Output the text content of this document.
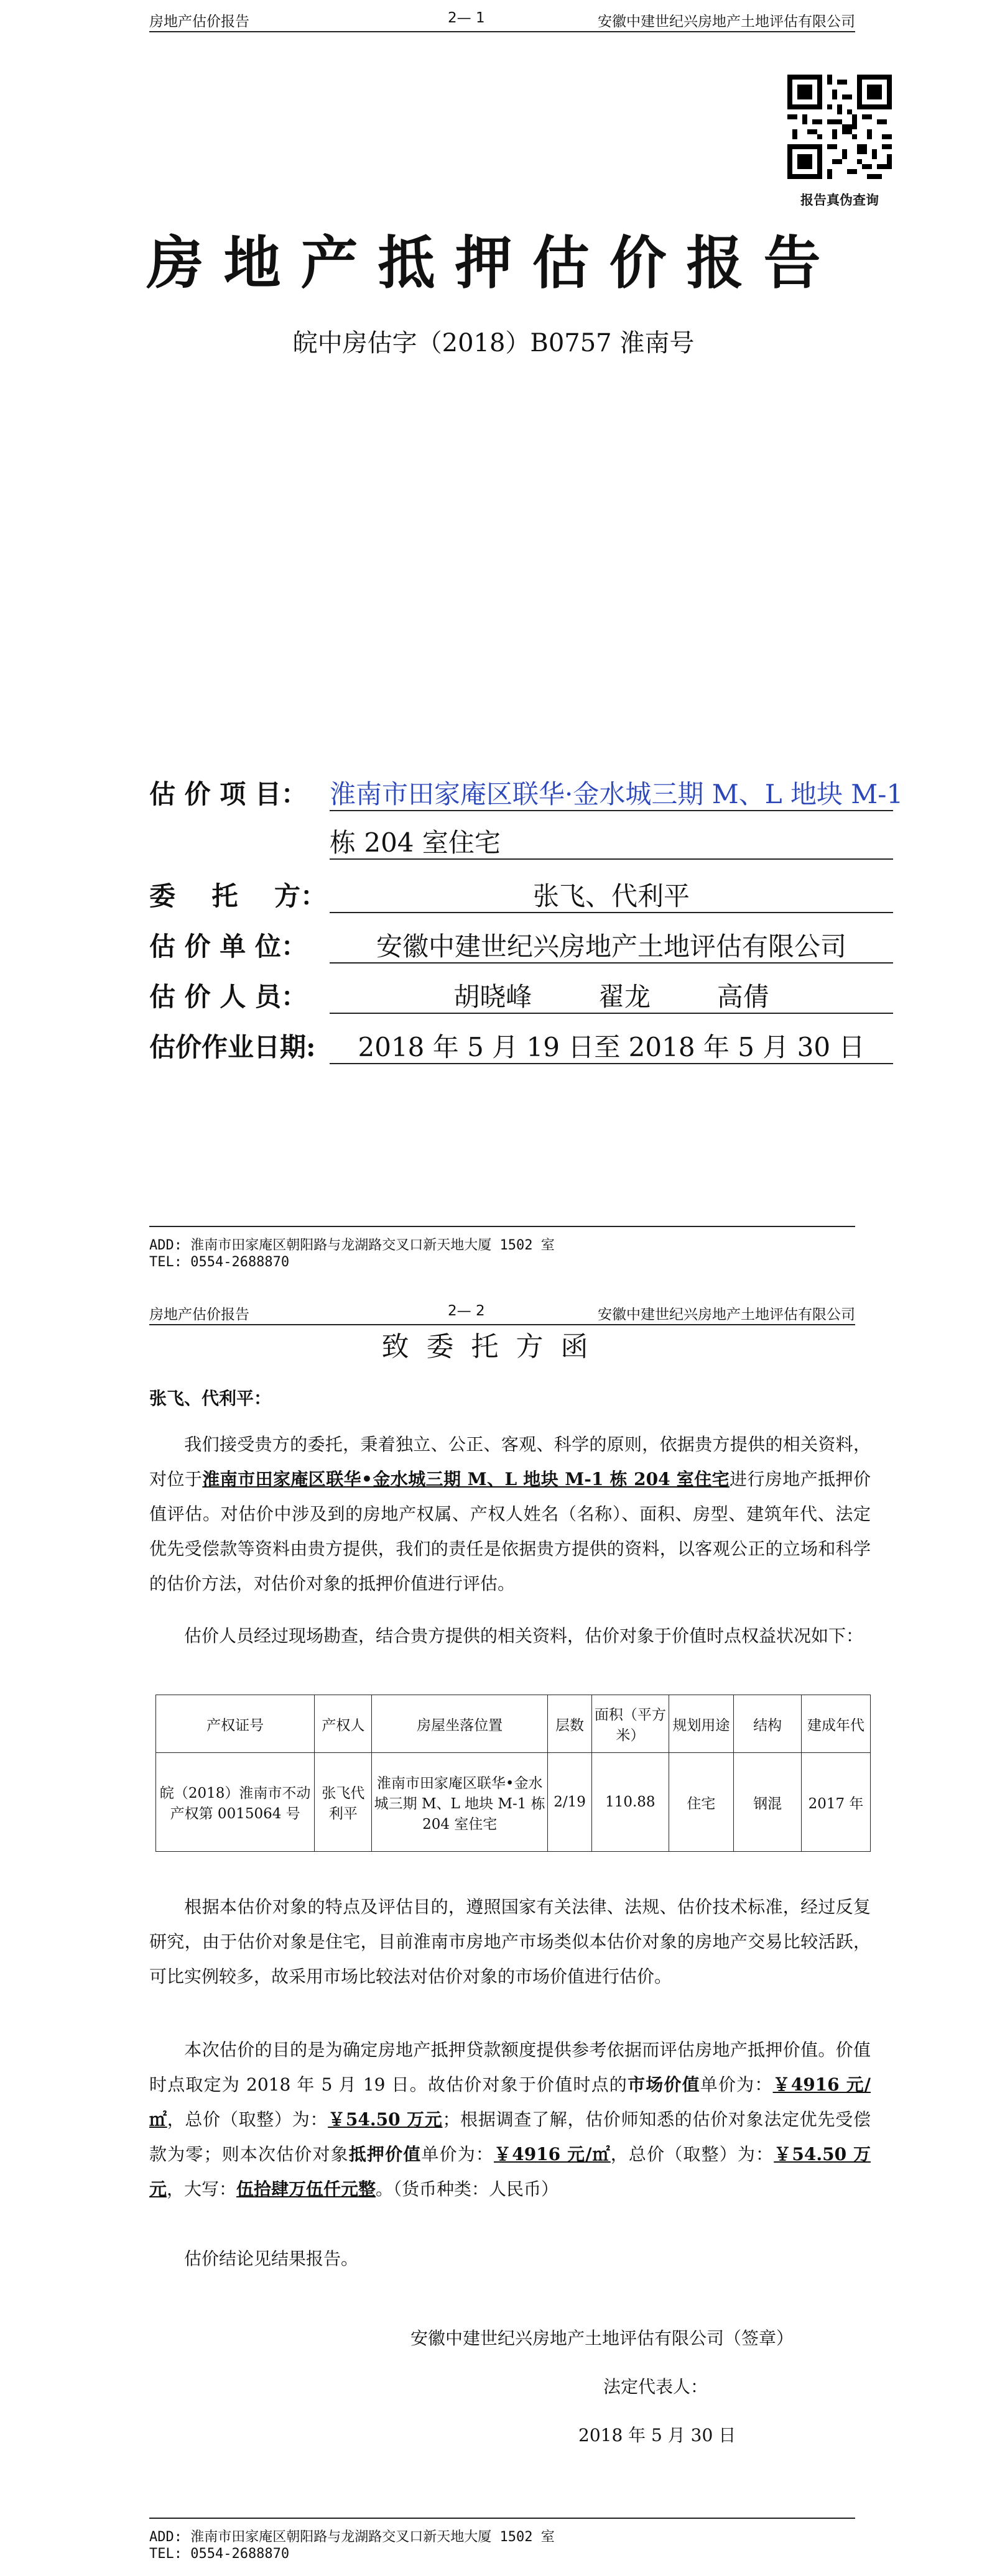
房地产估价报告	2— 1	安徽中建世纪兴房地产土地评估有限公司
报告真伪查询
房地产抵押估价报告
皖中房估字（2018）B0757 淮南号
估 价 项 目： 淮南市田家庵区联华·金水城三期 M、L 地块 M-1
栋 204 室住宅
委    托    方：	张飞、代利平
估 价 单 位：	安徽中建世纪兴房地产土地评估有限公司
估 价 人 员：	胡晓峰        翟龙        高倩
估价作业日期:	2018 年 5 月 19 日至 2018 年 5 月 30 日
ADD: 淮南市田家庵区朝阳路与龙湖路交叉口新天地大厦 1502 室
TEL: 0554-2688870
房地产估价报告	2— 2	安徽中建世纪兴房地产土地评估有限公司
致委托方函
张飞、代利平：
我们接受贵方的委托，秉着独立、公正、客观、科学的原则，依据贵方提供的相关资料，对位于淮南市田家庵区联华•金水城三期 M、L 地块 M-1 栋 204 室住宅进行房地产抵押价值评估。对估价中涉及到的房地产权属、产权人姓名（名称）、面积、房型、建筑年代、法定优先受偿款等资料由贵方提供，我们的责任是依据贵方提供的资料，以客观公正的立场和科学的估价方法，对估价对象的抵押价值进行评估。
估价人员经过现场勘查，结合贵方提供的相关资料，估价对象于价值时点权益状况如下：
产权证号	产权人	房屋坐落位置	层数	面积（平方米）	规划用途	结构	建成年代
皖（2018）淮南市不动产权第 0015064 号	张飞代利平	淮南市田家庵区联华•金水城三期 M、L 地块 M-1 栋 204 室住宅	2/19	110.88	住宅	钢混	2017 年
根据本估价对象的特点及评估目的，遵照国家有关法律、法规、估价技术标准，经过反复研究，由于估价对象是住宅，目前淮南市房地产市场类似本估价对象的房地产交易比较活跃，可比实例较多，故采用市场比较法对估价对象的市场价值进行估价。
本次估价的目的是为确定房地产抵押贷款额度提供参考依据而评估房地产抵押价值。价值时点取定为 2018 年 5 月 19 日。故估价对象于价值时点的市场价值单价为：￥4916 元/㎡，总价（取整）为：￥54.50 万元；根据调查了解，估价师知悉的估价对象法定优先受偿款为零；则本次估价对象抵押价值单价为：￥4916 元/㎡，总价（取整）为：￥54.50 万元，大写：伍拾肆万伍仟元整。（货币种类：人民币）
估价结论见结果报告。
安徽中建世纪兴房地产土地评估有限公司（签章）
法定代表人：
2018 年 5 月 30 日
ADD: 淮南市田家庵区朝阳路与龙湖路交叉口新天地大厦 1502 室
TEL: 0554-2688870
